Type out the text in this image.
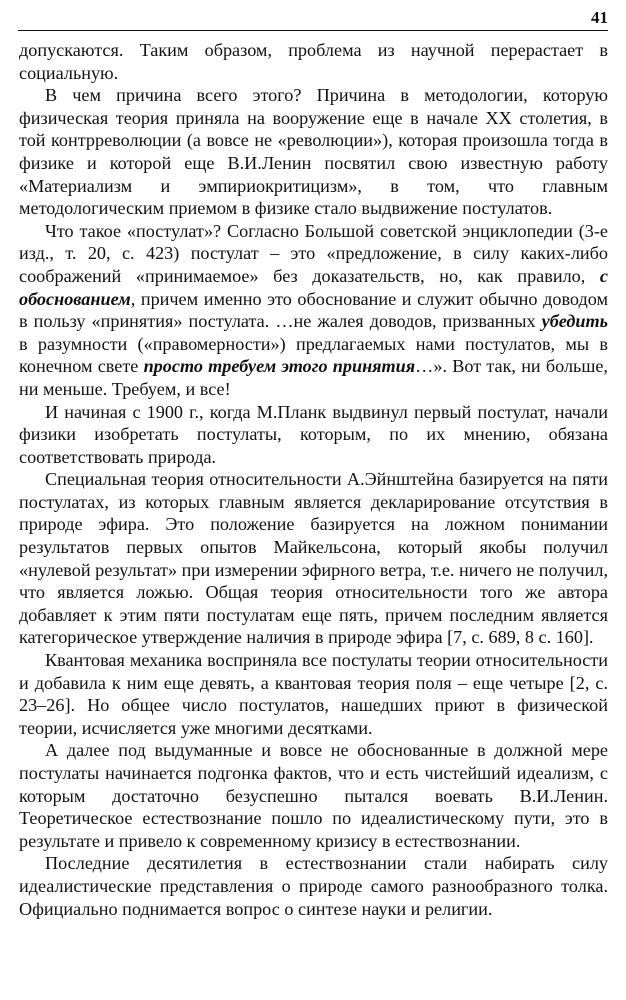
41

допускаются. Таким образом, проблема из научной перерастает в социальную.

В чем причина всего этого? Причина в методологии, которую физическая теория приняла на вооружение еще в начале XX столетия, в той контрреволюции (а вовсе не «революции»), которая произошла тогда в физике и которой еще В.И.Ленин посвятил свою известную работу «Материализм и эмпириокритицизм», в том, что главным методологическим приемом в физике стало выдвижение постулатов.

Что такое «постулат»? Согласно Большой советской энциклопедии (3-е изд., т. 20, с. 423) постулат – это «предложение, в силу каких-либо соображений «принимаемое» без доказательств, но, как правило, с обоснованием, причем именно это обоснование и служит обычно доводом в пользу «принятия» постулата. …не жалея доводов, призванных убедить в разумности («правомерности») предлагаемых нами постулатов, мы в конечном свете просто требуем этого принятия…». Вот так, ни больше, ни меньше. Требуем, и все!

И начиная с 1900 г., когда М.Планк выдвинул первый постулат, начали физики изобретать постулаты, которым, по их мнению, обязана соответствовать природа.

Специальная теория относительности А.Эйнштейна базируется на пяти постулатах, из которых главным является декларирование отсутствия в природе эфира. Это положение базируется на ложном понимании результатов первых опытов Майкельсона, который якобы получил «нулевой результат» при измерении эфирного ветра, т.е. ничего не получил, что является ложью. Общая теория относительности того же автора добавляет к этим пяти постулатам еще пять, причем последним является категорическое утверждение наличия в природе эфира [7, с. 689, 8 с. 160].

Квантовая механика восприняла все постулаты теории относительности и добавила к ним еще девять, а квантовая теория поля – еще четыре [2, с. 23–26]. Но общее число постулатов, нашедших приют в физической теории, исчисляется уже многими десятками.

А далее под выдуманные и вовсе не обоснованные в должной мере постулаты начинается подгонка фактов, что и есть чистейший идеализм, с которым достаточно безуспешно пытался воевать В.И.Ленин. Теоретическое естествознание пошло по идеалистическому пути, это в результате и привело к современному кризису в естествознании.

Последние десятилетия в естествознании стали набирать силу идеалистические представления о природе самого разнообразного толка. Официально поднимается вопрос о синтезе науки и религии.
